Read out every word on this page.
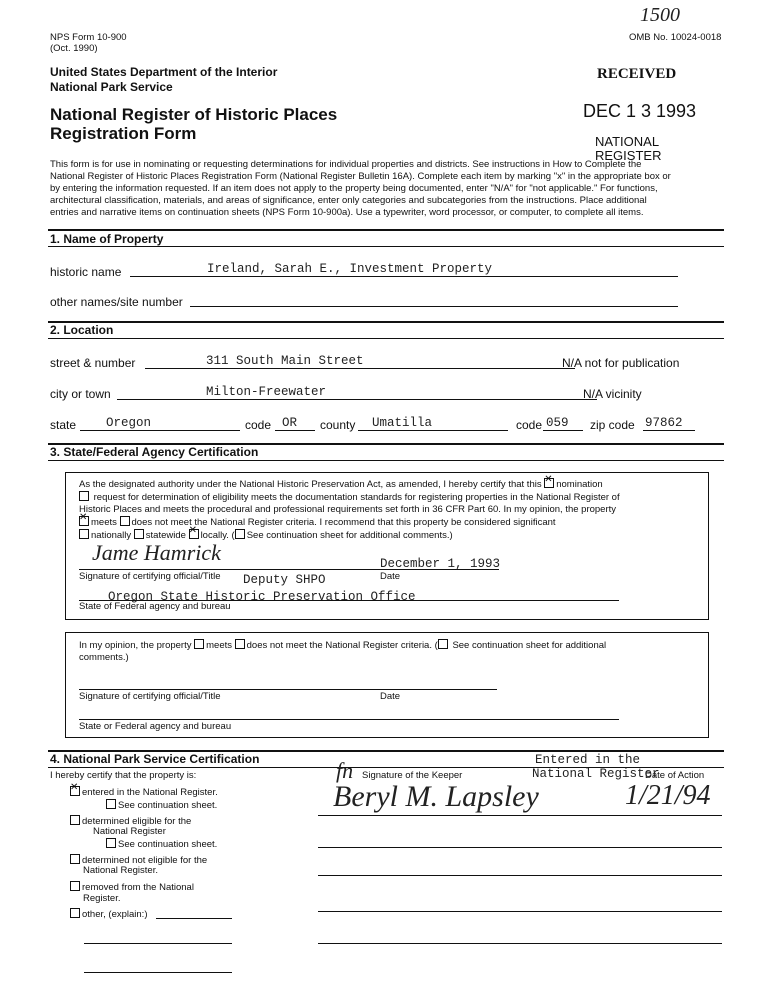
NPS Form 10-900
(Oct. 1990)
1500
OMB No. 10024-0018
United States Department of the Interior
National Park Service
National Register of Historic Places
Registration Form
RECEIVED
DEC 1 3 1993
NATIONAL
REGISTER
This form is for use in nominating or requesting determinations for individual properties and districts. See instructions in How to Complete the
National Register of Historic Places Registration Form (National Register Bulletin 16A). Complete each item by marking "x" in the appropriate box or
by entering the information requested. If an item does not apply to the property being documented, enter "N/A" for "not applicable." For functions,
architectural classification, materials, and areas of significance, enter only categories and subcategories from the instructions. Place additional
entries and narrative items on continuation sheets (NPS Form 10-900a). Use a typewriter, word processor, or computer, to complete all items.
1. Name of Property
historic name	Ireland, Sarah E., Investment Property
other names/site number
2. Location
street & number	311 South Main Street	N/A not for publication
city or town	Milton-Freewater	N/A vicinity
state Oregon	code OR county Umatilla	code 059 zip code 97862
3. State/Federal Agency Certification
As the designated authority under the National Historic Preservation Act, as amended, I hereby certify that this ✕ nomination
request for determination of eligibility meets the documentation standards for registering properties in the National Register of
Historic Places and meets the procedural and professional requirements set forth in 36 CFR Part 60. In my opinion, the property
✕meets does not meet the National Register criteria. I recommend that this property be considered significant
nationally statewide ✕ locally. ( See continuation sheet for additional comments.)
Jame Hamrick
Signature of certifying official/Title
December 1, 1993
Date
Deputy SHPO
Oregon State Historic Preservation Office
State of Federal agency and bureau
In my opinion, the property meets does not meet the National Register criteria. ( See continuation sheet for additional
comments.)
Signature of certifying official/Title	Date
State or Federal agency and bureau
4. National Park Service Certification
I hereby certify that the property is:
✕entered in the National Register.
See continuation sheet.
determined eligible for the
National Register
See continuation sheet.
determined not eligible for the
National Register.
removed from the National
Register.
other, (explain:)
fn Signature of the Keeper	Date of Action
Entered in the
National Register
Beryl M. Lapsley	1/21/94
